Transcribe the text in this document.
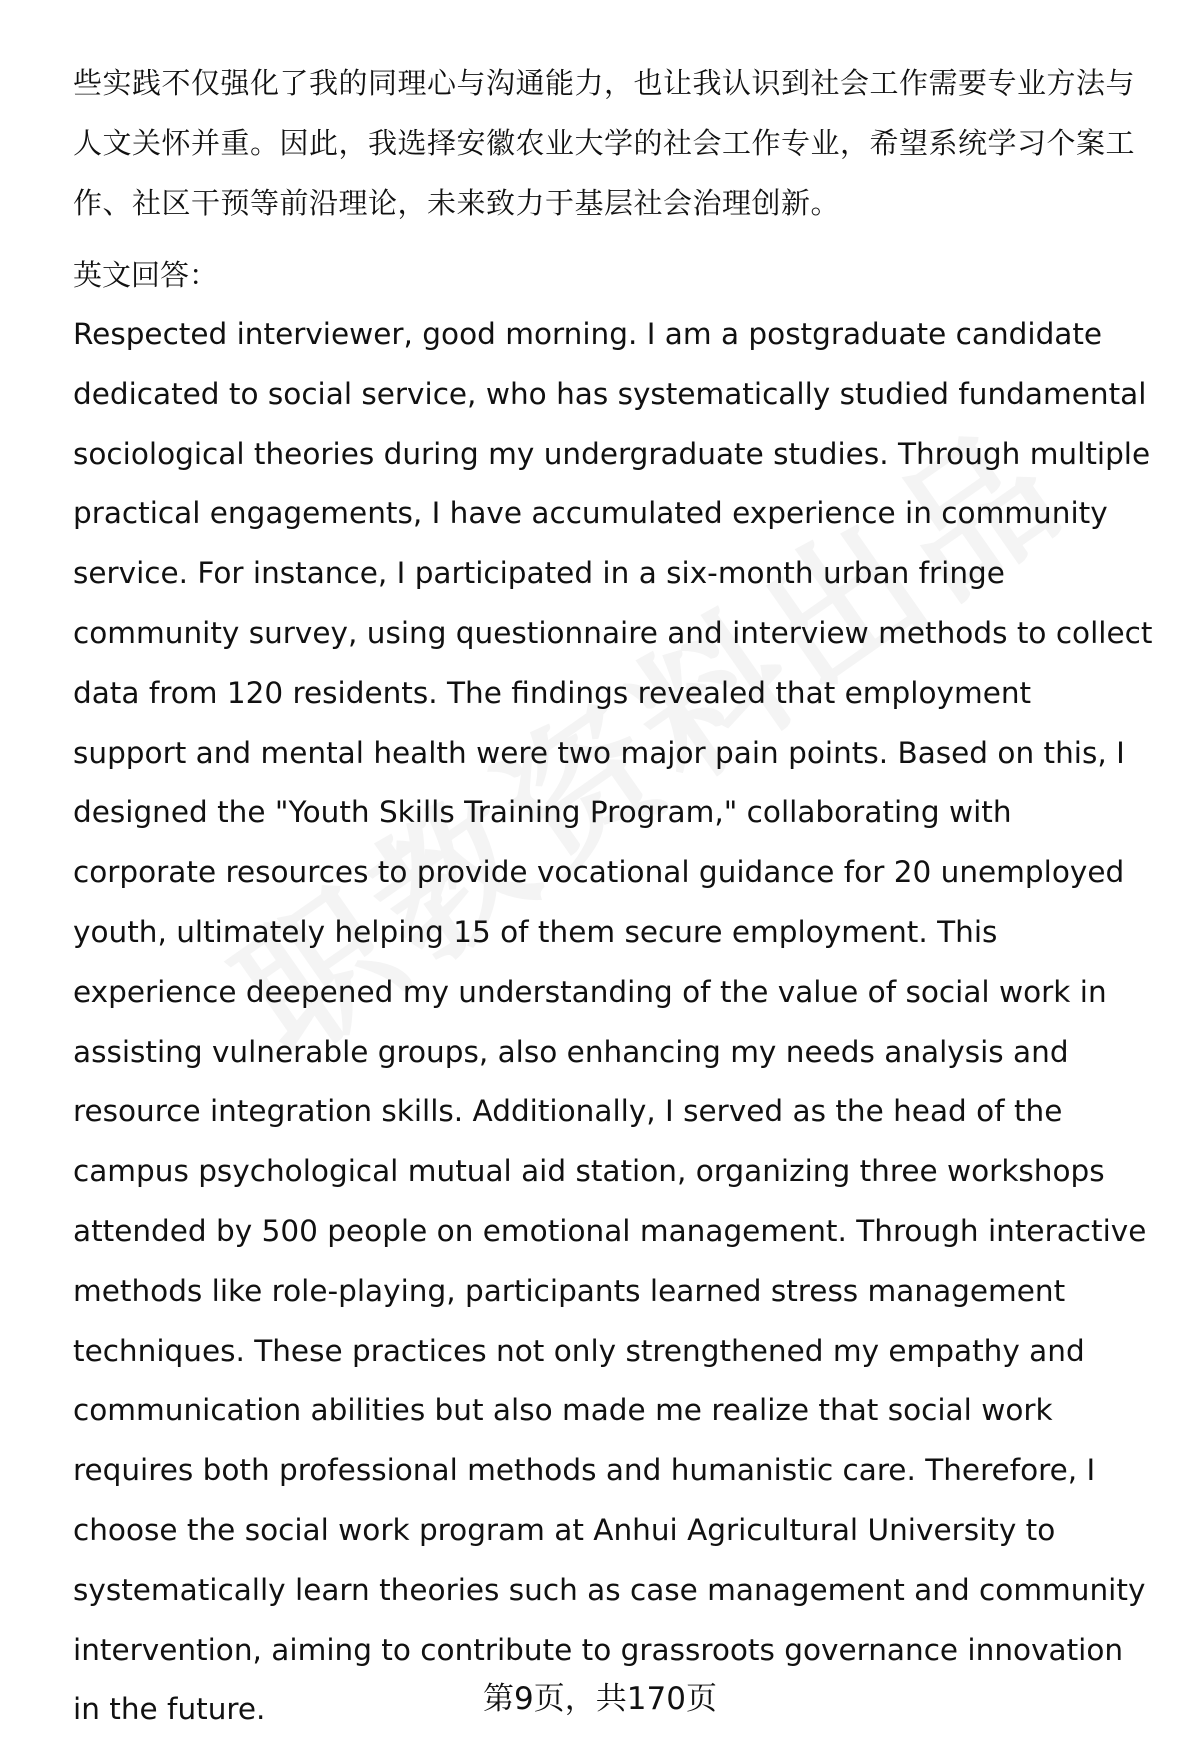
些实践不仅强化了我的同理心与沟通能力，也让我认识到社会工作需要专业方法与人文关怀并重。因此，我选择安徽农业大学的社会工作专业，希望系统学习个案工作、社区干预等前沿理论，未来致力于基层社会治理创新。

英文回答：

Respected interviewer, good morning. I am a postgraduate candidate dedicated to social service, who has systematically studied fundamental sociological theories during my undergraduate studies. Through multiple practical engagements, I have accumulated experience in community service. For instance, I participated in a six-month urban fringe community survey, using questionnaire and interview methods to collect data from 120 residents. The findings revealed that employment support and mental health were two major pain points. Based on this, I designed the "Youth Skills Training Program," collaborating with corporate resources to provide vocational guidance for 20 unemployed youth, ultimately helping 15 of them secure employment. This experience deepened my understanding of the value of social work in assisting vulnerable groups, also enhancing my needs analysis and resource integration skills. Additionally, I served as the head of the campus psychological mutual aid station, organizing three workshops attended by 500 people on emotional management. Through interactive methods like role-playing, participants learned stress management techniques. These practices not only strengthened my empathy and communication abilities but also made me realize that social work requires both professional methods and humanistic care. Therefore, I choose the social work program at Anhui Agricultural University to systematically learn theories such as case management and community intervention, aiming to contribute to grassroots governance innovation in the future.	第9页，共170页
